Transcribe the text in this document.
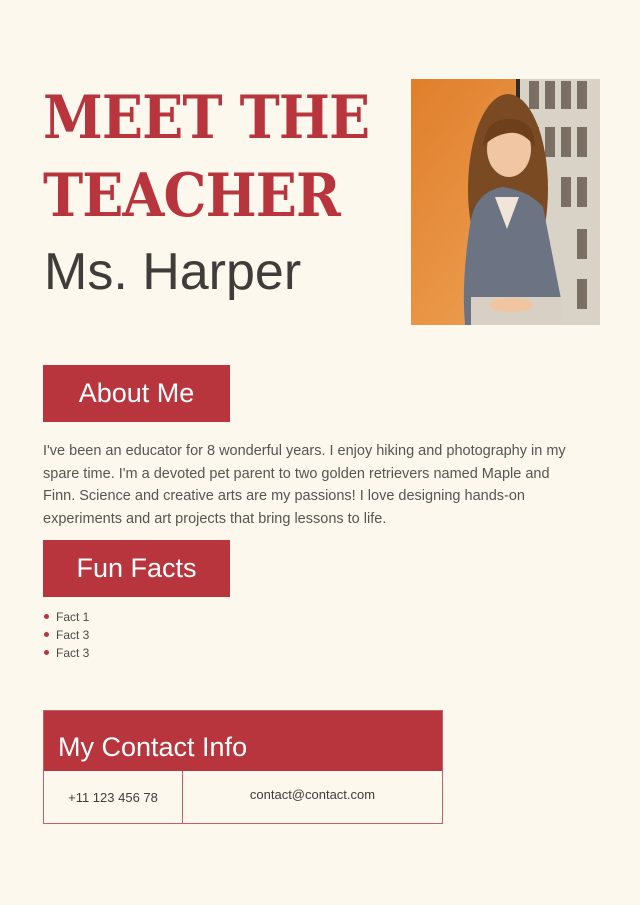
MEET THE
TEACHER
Ms. Harper
About Me

I've been an educator for 8 wonderful years. I enjoy hiking and photography in my spare time. I'm a devoted pet parent to two golden retrievers named Maple and Finn. Science and creative arts are my passions! I love designing hands-on experiments and art projects that bring lessons to life.

Fun Facts
Fact 1
Fact 3
Fact 3
My Contact Info
+11 123 456 78	contact@contact.com
